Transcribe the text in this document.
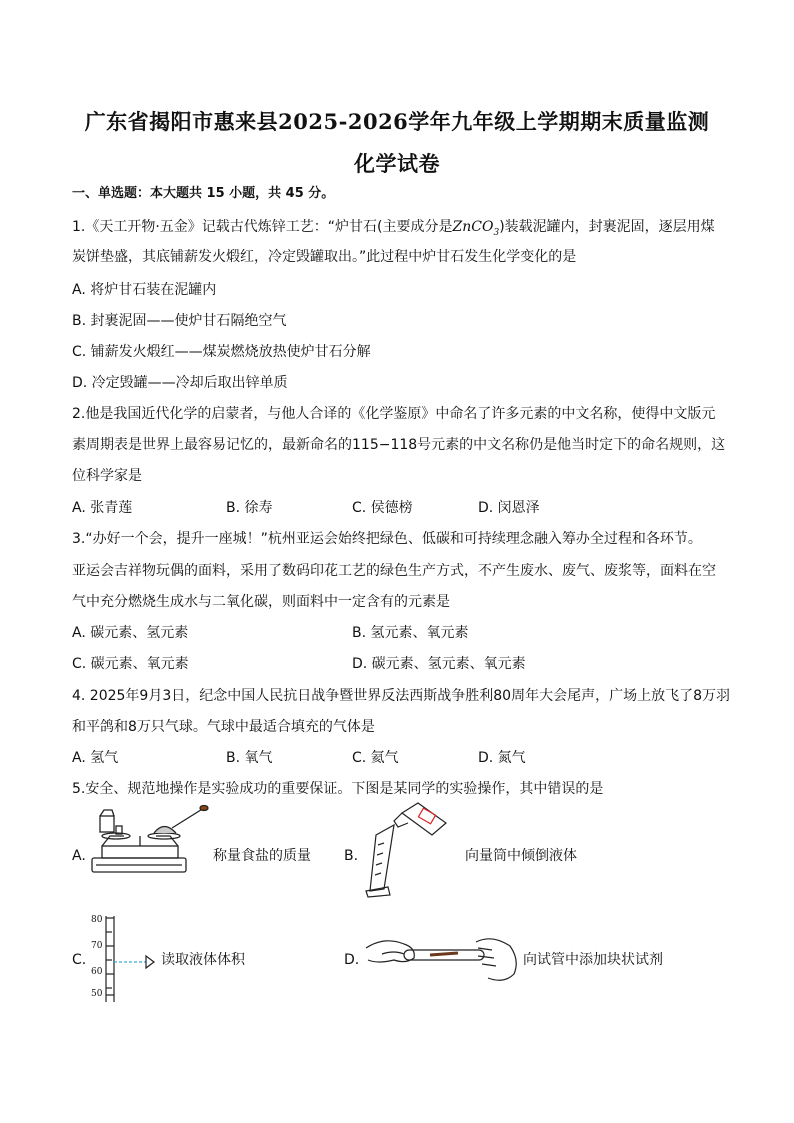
广东省揭阳市惠来县2025-2026学年九年级上学期期末质量监测
化学试卷
一、单选题：本大题共 15 小题，共 45 分。
1.《天工开物·五金》记载古代炼锌工艺：“炉甘石(主要成分是ZnCO$_3$)装载泥罐内，封裹泥固，逐层用煤
炭饼垫盛，其底铺薪发火煅红，冷定毁罐取出。”此过程中炉甘石发生化学变化的是
A. 将炉甘石装在泥罐内
B. 封裹泥固——使炉甘石隔绝空气
C. 铺薪发火煅红——煤炭燃烧放热使炉甘石分解
D. 冷定毁罐——冷却后取出锌单质
2.他是我国近代化学的启蒙者，与他人合译的《化学鉴原》中命名了许多元素的中文名称，使得中文版元
素周期表是世界上最容易记忆的，最新命名的115−118号元素的中文名称仍是他当时定下的命名规则，这
位科学家是
A. 张青莲	B. 徐寿	C. 侯德榜	D. 闵恩泽
3.“办好一个会，提升一座城！”杭州亚运会始终把绿色、低碳和可持续理念融入筹办全过程和各环节。
亚运会吉祥物玩偶的面料，采用了数码印花工艺的绿色生产方式，不产生废水、废气、废浆等，面料在空
气中充分燃烧生成水与二氧化碳，则面料中一定含有的元素是
A. 碳元素、氢元素	B. 氢元素、氧元素
C. 碳元素、氧元素	D. 碳元素、氢元素、氧元素
4. 2025年9月3日，纪念中国人民抗日战争暨世界反法西斯战争胜利80周年大会尾声，广场上放飞了8万羽
和平鸽和8万只气球。气球中最适合填充的气体是
A. 氢气	B. 氧气	C. 氦气	D. 氮气
5.安全、规范地操作是实验成功的重要保证。下图是某同学的实验操作，其中错误的是
A.	称量食盐的质量 B.	向量筒中倾倒液体
C.
80
70
60
50
读取液体体积	D.	向试管中添加块状试剂
